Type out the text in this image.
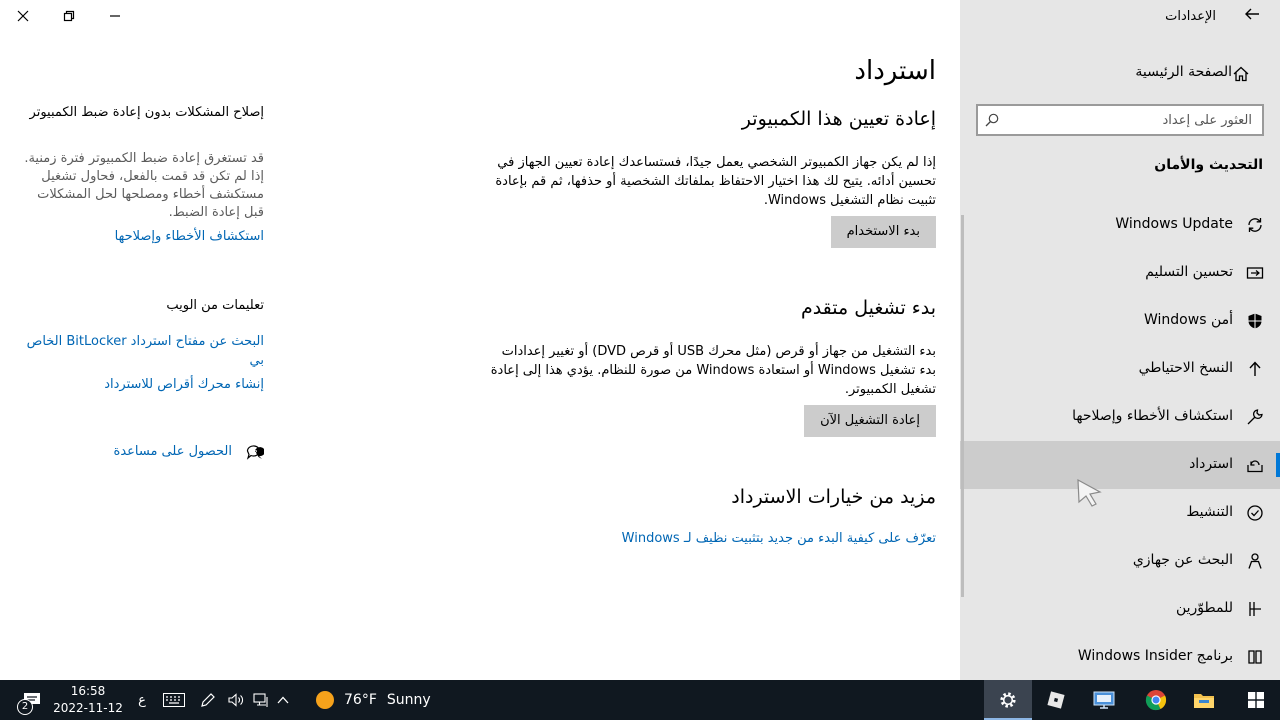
الإعدادات
الصفحة الرئيسية
العثور على إعداد
التحديث والأمان
Windows Update
تحسين التسليم
أمن Windows
النسخ الاحتياطي
استكشاف الأخطاء وإصلاحها
استرداد
التنشيط
البحث عن جهازي
للمطوّرين
برنامج Windows Insider
استرداد
إعادة تعيين هذا الكمبيوتر

إذا لم يكن جهاز الكمبيوتر الشخصي يعمل جيدًا، فستساعدك إعادة تعيين الجهاز في تحسين أدائه. يتيح لك هذا اختيار الاحتفاظ بملفاتك الشخصية أو حذفها، ثم قم بإعادة تثبيت نظام التشغيل Windows.

بدء الاستخدام
بدء تشغيل متقدم

بدء التشغيل من جهاز أو قرص (مثل محرك USB أو قرص DVD) أو تغيير إعدادات بدء تشغيل Windows أو استعادة Windows من صورة للنظام. يؤدي هذا إلى إعادة تشغيل الكمبيوتر.

إعادة التشغيل الآن
مزيد من خيارات الاسترداد
تعرّف على كيفية البدء من جديد بتثبيت نظيف لـ Windows
إصلاح المشكلات بدون إعادة ضبط الكمبيوتر
قد تستغرق إعادة ضبط الكمبيوتر فترة زمنية. إذا لم تكن قد قمت بالفعل، فحاول تشغيل مستكشف أخطاء ومصلحها لحل المشكلات قبل إعادة الضبط.
استكشاف الأخطاء وإصلاحها
تعليمات من الويب
البحث عن مفتاح استرداد BitLocker الخاص بي
إنشاء محرك أقراص للاسترداد
?
الحصول على مساعدة
2
16:58
2022-11-12
ع	76°F Sunny
